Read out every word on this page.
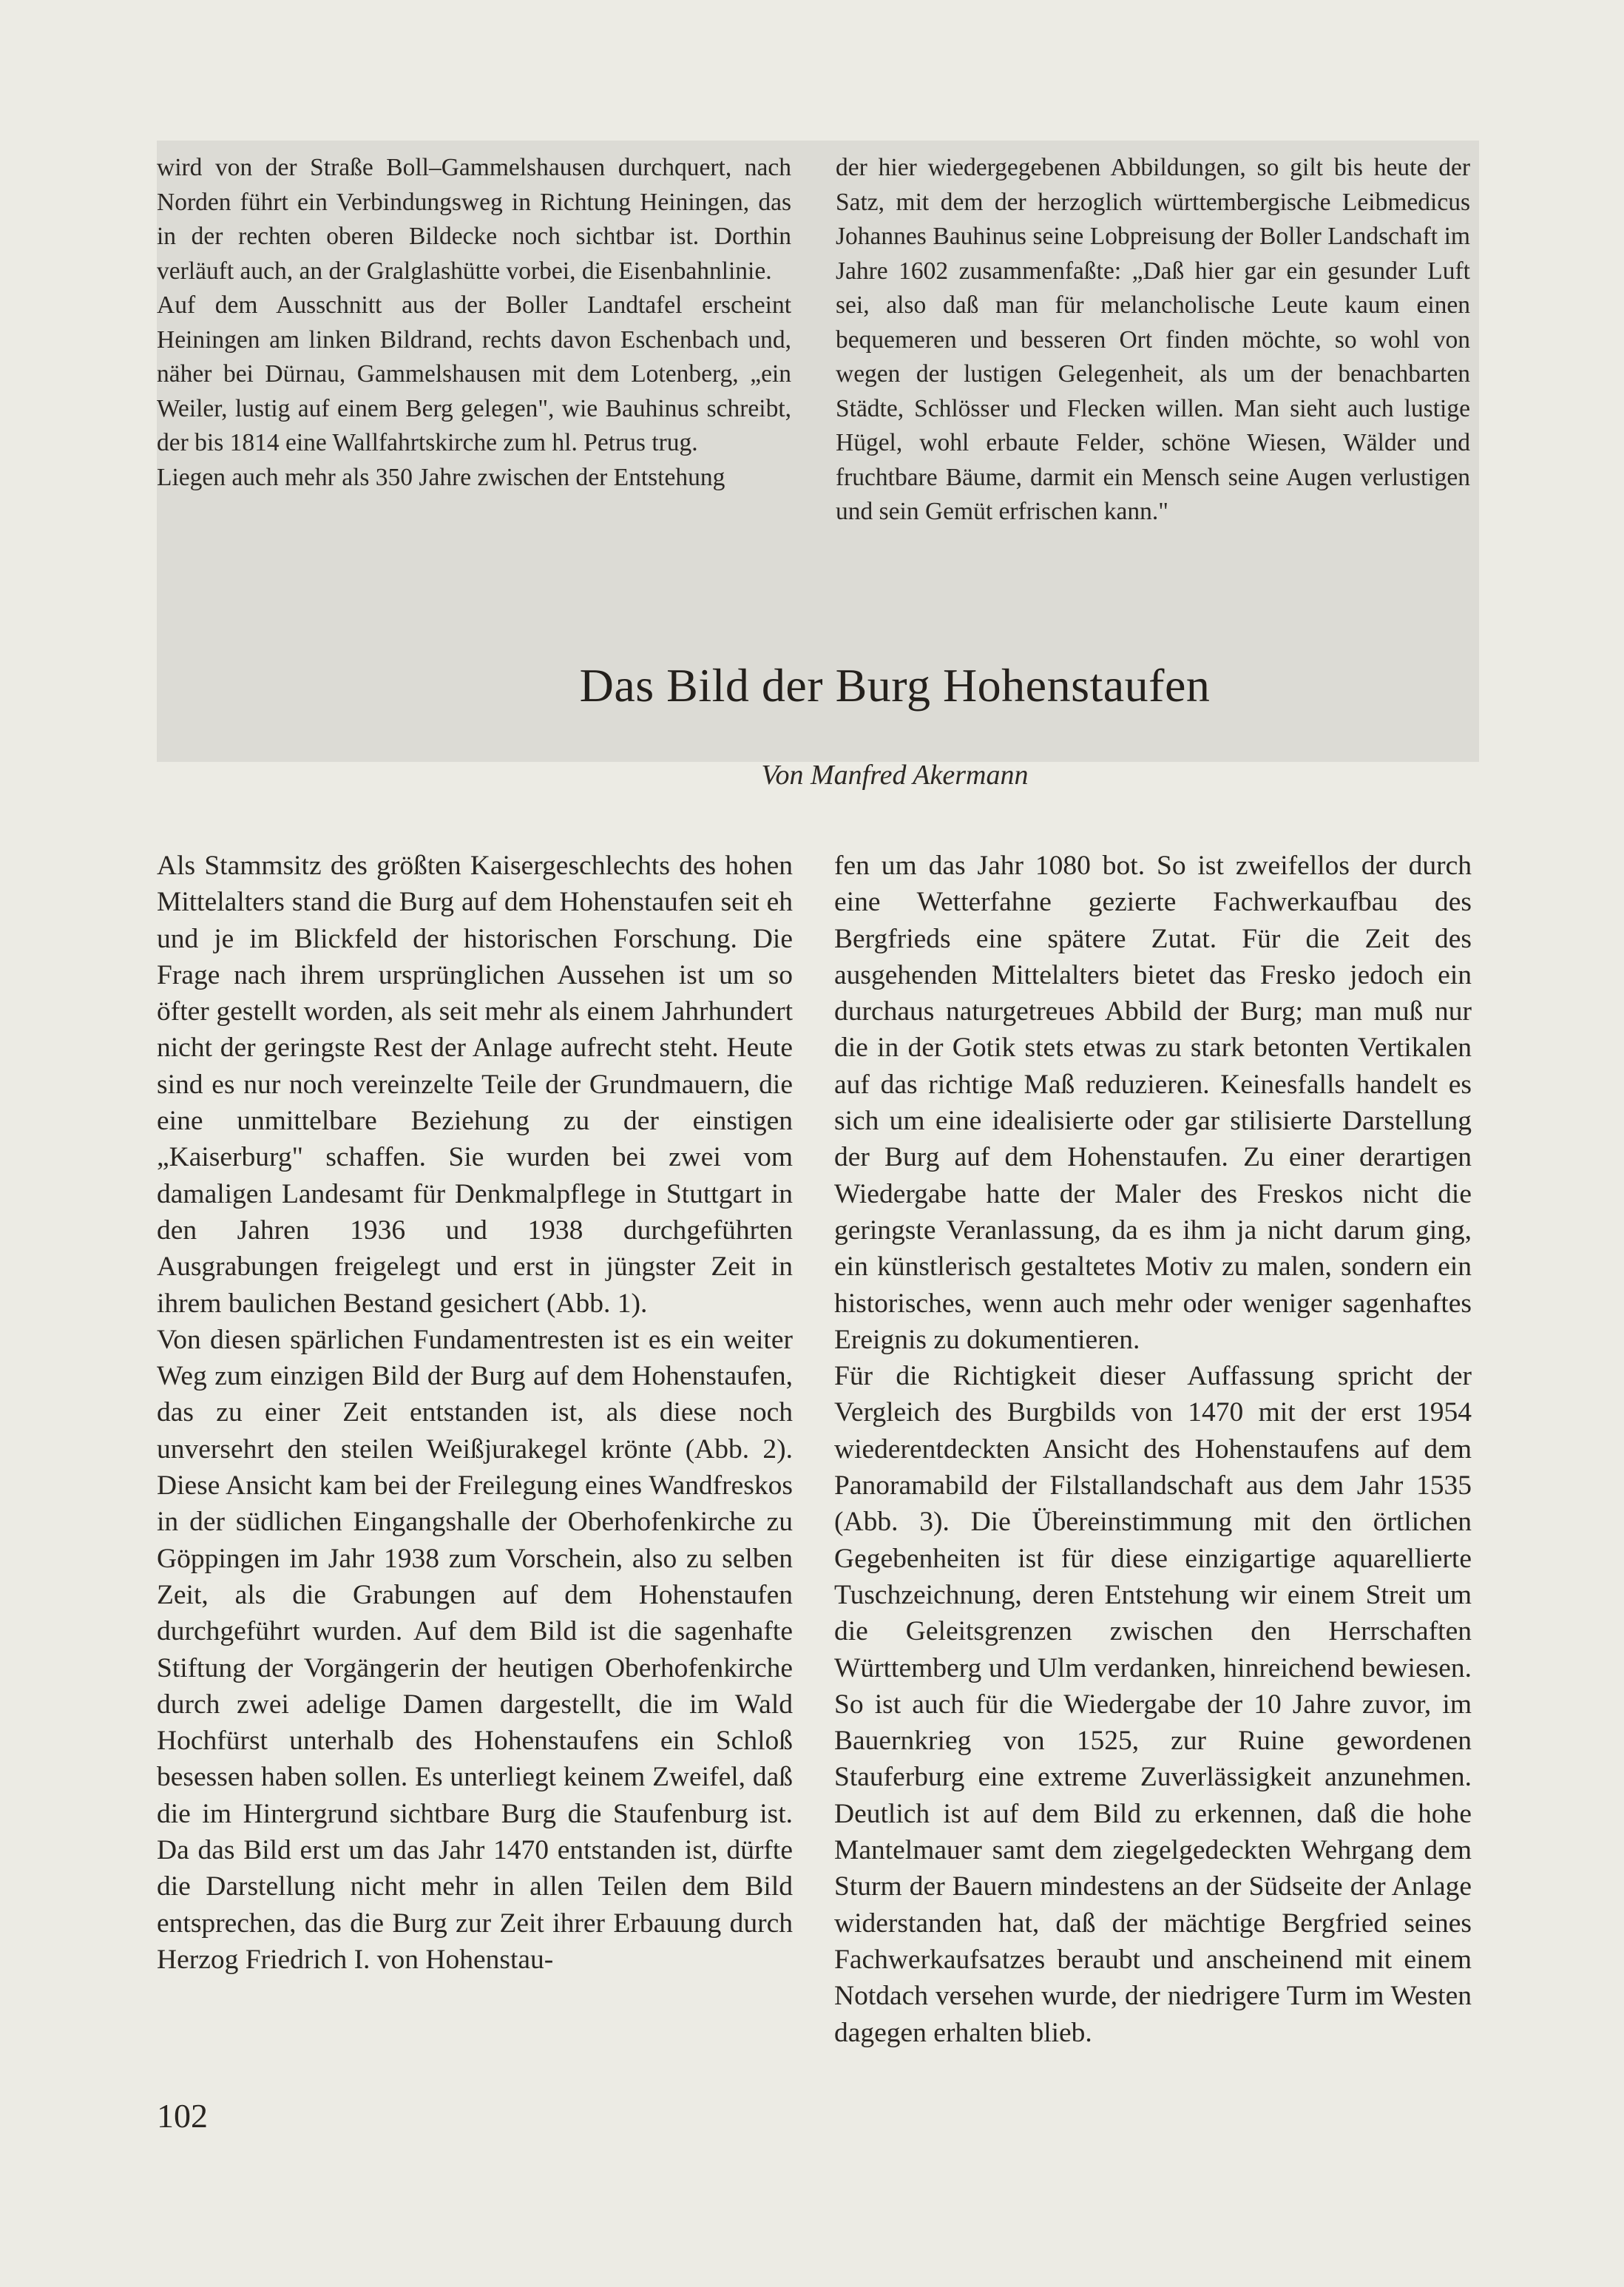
wird von der Straße Boll–Gammelshausen durchquert, nach Norden führt ein Verbindungsweg in Richtung Heiningen, das in der rechten oberen Bildecke noch sichtbar ist. Dorthin verläuft auch, an der Gralglashütte vorbei, die Eisenbahnlinie.

Auf dem Ausschnitt aus der Boller Landtafel erscheint Heiningen am linken Bildrand, rechts davon Eschenbach und, näher bei Dürnau, Gammelshausen mit dem Lotenberg, „ein Weiler, lustig auf einem Berg gelegen", wie Bauhinus schreibt, der bis 1814 eine Wallfahrtskirche zum hl. Petrus trug.

Liegen auch mehr als 350 Jahre zwischen der Entstehung

der hier wiedergegebenen Abbildungen, so gilt bis heute der Satz, mit dem der herzoglich württembergische Leibmedicus Johannes Bauhinus seine Lobpreisung der Boller Landschaft im Jahre 1602 zusammenfaßte: „Daß hier gar ein gesunder Luft sei, also daß man für melancholische Leute kaum einen bequemeren und besseren Ort finden möchte, so wohl von wegen der lustigen Gelegenheit, als um der benachbarten Städte, Schlösser und Flecken willen. Man sieht auch lustige Hügel, wohl erbaute Felder, schöne Wiesen, Wälder und fruchtbare Bäume, darmit ein Mensch seine Augen verlustigen und sein Gemüt erfrischen kann."

Das Bild der Burg Hohenstaufen
Von Manfred Akermann

Als Stammsitz des größten Kaisergeschlechts des hohen Mittelalters stand die Burg auf dem Hohenstaufen seit eh und je im Blickfeld der historischen Forschung. Die Frage nach ihrem ursprünglichen Aussehen ist um so öfter gestellt worden, als seit mehr als einem Jahrhundert nicht der geringste Rest der Anlage aufrecht steht. Heute sind es nur noch vereinzelte Teile der Grundmauern, die eine unmittelbare Beziehung zu der einstigen „Kaiserburg" schaffen. Sie wurden bei zwei vom damaligen Landesamt für Denkmalpflege in Stuttgart in den Jahren 1936 und 1938 durchgeführten Ausgrabungen freigelegt und erst in jüngster Zeit in ihrem baulichen Bestand gesichert (Abb. 1).

Von diesen spärlichen Fundamentresten ist es ein weiter Weg zum einzigen Bild der Burg auf dem Hohenstaufen, das zu einer Zeit entstanden ist, als diese noch unversehrt den steilen Weißjurakegel krönte (Abb. 2). Diese Ansicht kam bei der Freilegung eines Wandfreskos in der südlichen Eingangshalle der Oberhofenkirche zu Göppingen im Jahr 1938 zum Vorschein, also zu selben Zeit, als die Grabungen auf dem Hohenstaufen durchgeführt wurden. Auf dem Bild ist die sagenhafte Stiftung der Vorgängerin der heutigen Oberhofenkirche durch zwei adelige Damen dargestellt, die im Wald Hochfürst unterhalb des Hohenstaufens ein Schloß besessen haben sollen. Es unterliegt keinem Zweifel, daß die im Hintergrund sichtbare Burg die Staufenburg ist. Da das Bild erst um das Jahr 1470 entstanden ist, dürfte die Darstellung nicht mehr in allen Teilen dem Bild entsprechen, das die Burg zur Zeit ihrer Erbauung durch Herzog Friedrich I. von Hohenstau-

fen um das Jahr 1080 bot. So ist zweifellos der durch eine Wetterfahne gezierte Fachwerkaufbau des Bergfrieds eine spätere Zutat. Für die Zeit des ausgehenden Mittelalters bietet das Fresko jedoch ein durchaus naturgetreues Abbild der Burg; man muß nur die in der Gotik stets etwas zu stark betonten Vertikalen auf das richtige Maß reduzieren. Keinesfalls handelt es sich um eine idealisierte oder gar stilisierte Darstellung der Burg auf dem Hohenstaufen. Zu einer derartigen Wiedergabe hatte der Maler des Freskos nicht die geringste Veranlassung, da es ihm ja nicht darum ging, ein künstlerisch gestaltetes Motiv zu malen, sondern ein historisches, wenn auch mehr oder weniger sagenhaftes Ereignis zu dokumentieren.

Für die Richtigkeit dieser Auffassung spricht der Vergleich des Burgbilds von 1470 mit der erst 1954 wiederentdeckten Ansicht des Hohenstaufens auf dem Panoramabild der Filstallandschaft aus dem Jahr 1535 (Abb. 3). Die Übereinstimmung mit den örtlichen Gegebenheiten ist für diese einzigartige aquarellierte Tuschzeichnung, deren Entstehung wir einem Streit um die Geleitsgrenzen zwischen den Herrschaften Württemberg und Ulm verdanken, hinreichend bewiesen. So ist auch für die Wiedergabe der 10 Jahre zuvor, im Bauernkrieg von 1525, zur Ruine gewordenen Stauferburg eine extreme Zuverlässigkeit anzunehmen. Deutlich ist auf dem Bild zu erkennen, daß die hohe Mantelmauer samt dem ziegelgedeckten Wehrgang dem Sturm der Bauern mindestens an der Südseite der Anlage widerstanden hat, daß der mächtige Bergfried seines Fachwerkaufsatzes beraubt und anscheinend mit einem Notdach versehen wurde, der niedrigere Turm im Westen dagegen erhalten blieb.

102
